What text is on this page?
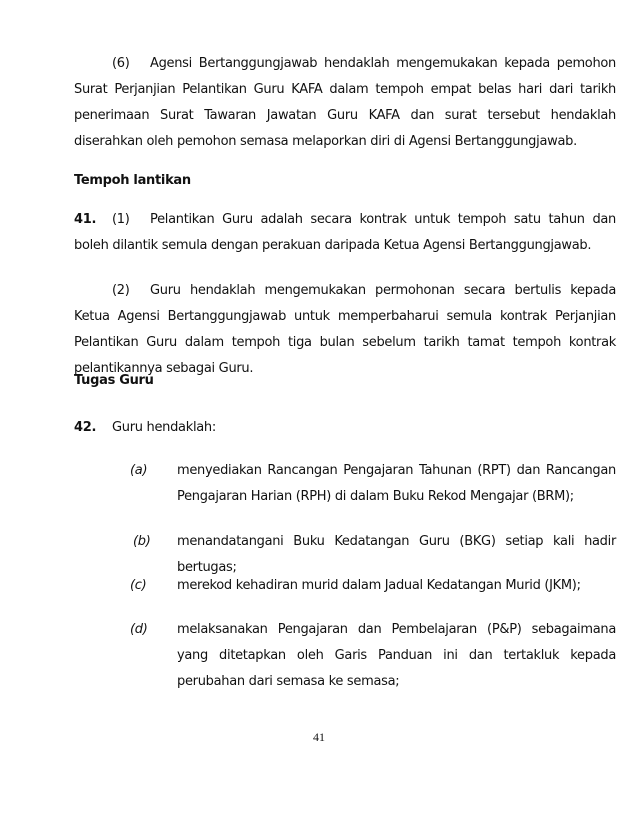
(6) Agensi Bertanggungjawab hendaklah mengemukakan kepada pemohon Surat Perjanjian Pelantikan Guru KAFA dalam tempoh empat belas hari dari tarikh penerimaan Surat Tawaran Jawatan Guru KAFA dan surat tersebut hendaklah diserahkan oleh pemohon semasa melaporkan diri di Agensi Bertanggungjawab.

Tempoh lantikan

41. (1) Pelantikan Guru adalah secara kontrak untuk tempoh satu tahun dan boleh dilantik semula dengan perakuan daripada Ketua Agensi Bertanggungjawab.

(2) Guru hendaklah mengemukakan permohonan secara bertulis kepada Ketua Agensi Bertanggungjawab untuk memperbaharui semula kontrak Perjanjian Pelantikan Guru dalam tempoh tiga bulan sebelum tarikh tamat tempoh kontrak pelantikannya sebagai Guru.

Tugas Guru

42. Guru hendaklah:

(a) menyediakan Rancangan Pengajaran Tahunan (RPT) dan Rancangan Pengajaran Harian (RPH) di dalam Buku Rekod Mengajar (BRM);

(b) menandatangani Buku Kedatangan Guru (BKG) setiap kali hadir bertugas;

(c) merekod kehadiran murid dalam Jadual Kedatangan Murid (JKM);

(d) melaksanakan Pengajaran dan Pembelajaran (P&P) sebagaimana yang ditetapkan oleh Garis Panduan ini dan tertakluk kepada perubahan dari semasa ke semasa;

41
